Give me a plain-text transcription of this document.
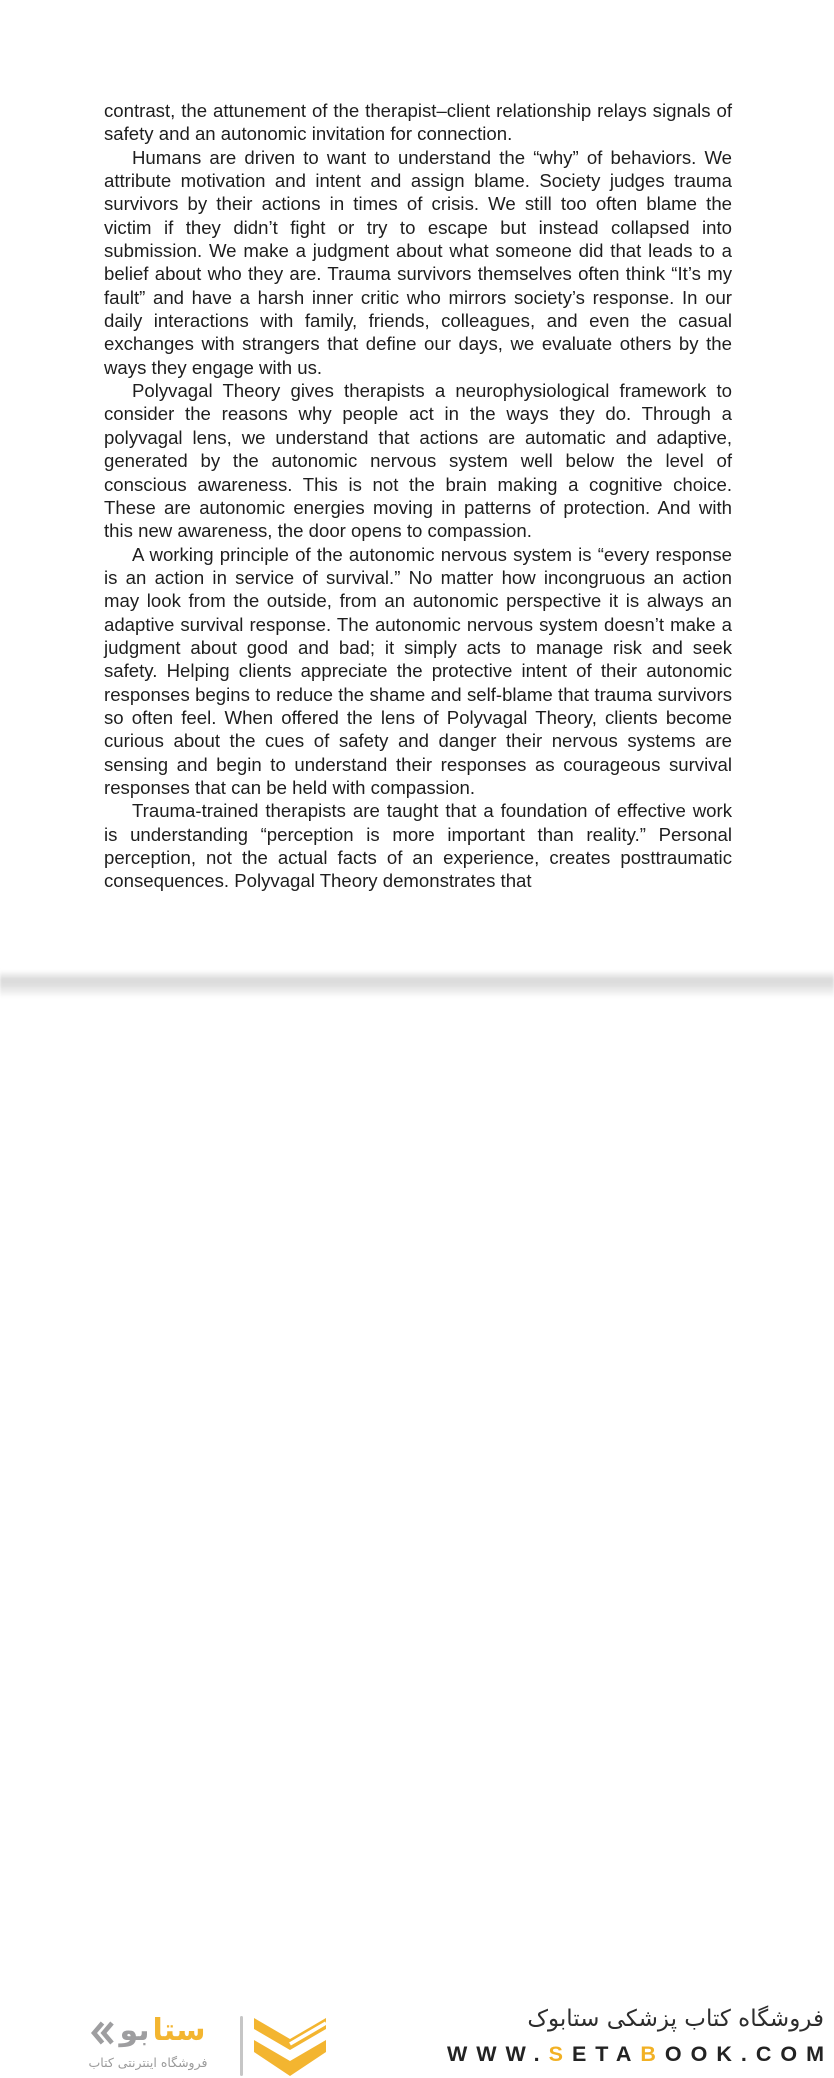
contrast, the attunement of the therapist–client relationship relays signals of safety and an autonomic invitation for connection.

Humans are driven to want to understand the “why” of behaviors. We attribute motivation and intent and assign blame. Society judges trauma survivors by their actions in times of crisis. We still too often blame the victim if they didn’t fight or try to escape but instead collapsed into submission. We make a judgment about what someone did that leads to a belief about who they are. Trauma survivors themselves often think “It’s my fault” and have a harsh inner critic who mirrors society’s response. In our daily interactions with family, friends, colleagues, and even the casual exchanges with strangers that define our days, we evaluate others by the ways they engage with us.

Polyvagal Theory gives therapists a neurophysiological framework to consider the reasons why people act in the ways they do. Through a polyvagal lens, we understand that actions are automatic and adaptive, generated by the autonomic nervous system well below the level of conscious awareness. This is not the brain making a cognitive choice. These are autonomic energies moving in patterns of protection. And with this new awareness, the door opens to compassion.

A working principle of the autonomic nervous system is “every response is an action in service of survival.” No matter how incongruous an action may look from the outside, from an autonomic perspective it is always an adaptive survival response. The autonomic nervous system doesn’t make a judgment about good and bad; it simply acts to manage risk and seek safety. Helping clients appreciate the protective intent of their autonomic responses begins to reduce the shame and self-blame that trauma survivors so often feel. When offered the lens of Polyvagal Theory, clients become curious about the cues of safety and danger their nervous systems are sensing and begin to understand their responses as courageous survival responses that can be held with compassion.

Trauma-trained therapists are taught that a foundation of effective work is understanding “perception is more important than reality.” Personal perception, not the actual facts of an experience, creates posttraumatic consequences. Polyvagal Theory demonstrates that

ستا
بو
فروشگاه اینترنتی کتاب
فروشگاه کتاب پزشکی ستابوک
WWW.SETABOOK.COM
